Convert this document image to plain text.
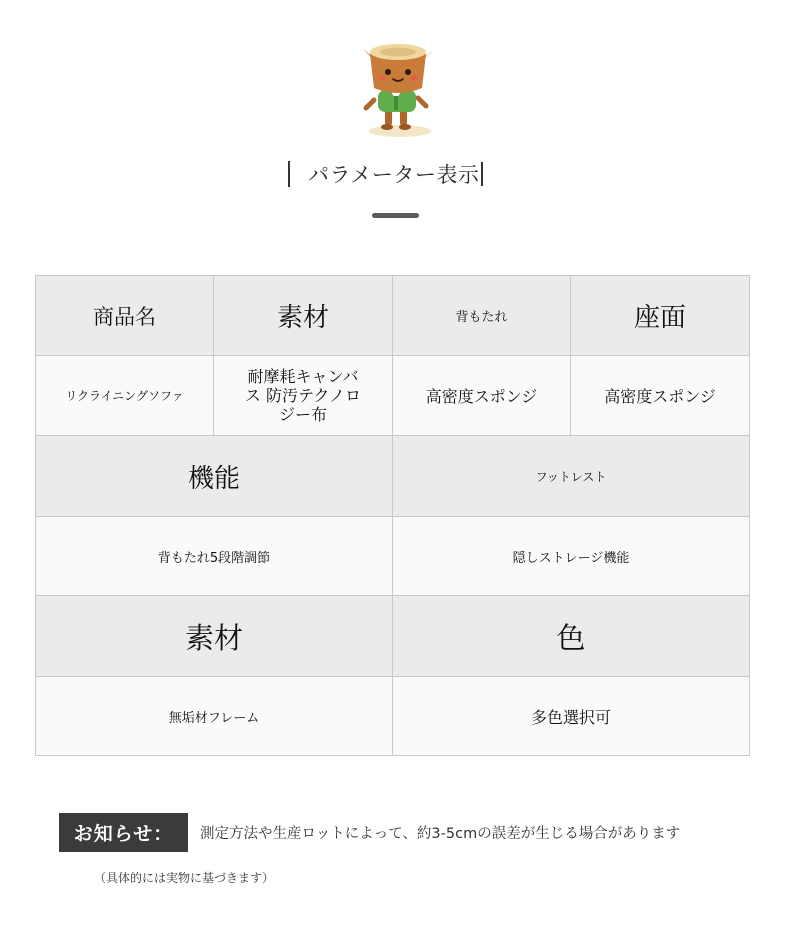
パラメーター表示
商品名	素材	背もたれ	座面
リクライニングソファ	耐摩耗キャンバス 防汚テクノロジー布	高密度スポンジ	高密度スポンジ
機能		フットレスト	
背もたれ5段階調節		隠しストレージ機能	
素材		色	
無垢材フレーム		多色選択可	
お知らせ：	測定方法や生産ロットによって、約3-5cmの誤差が生じる場合があります
（具体的には実物に基づきます）
